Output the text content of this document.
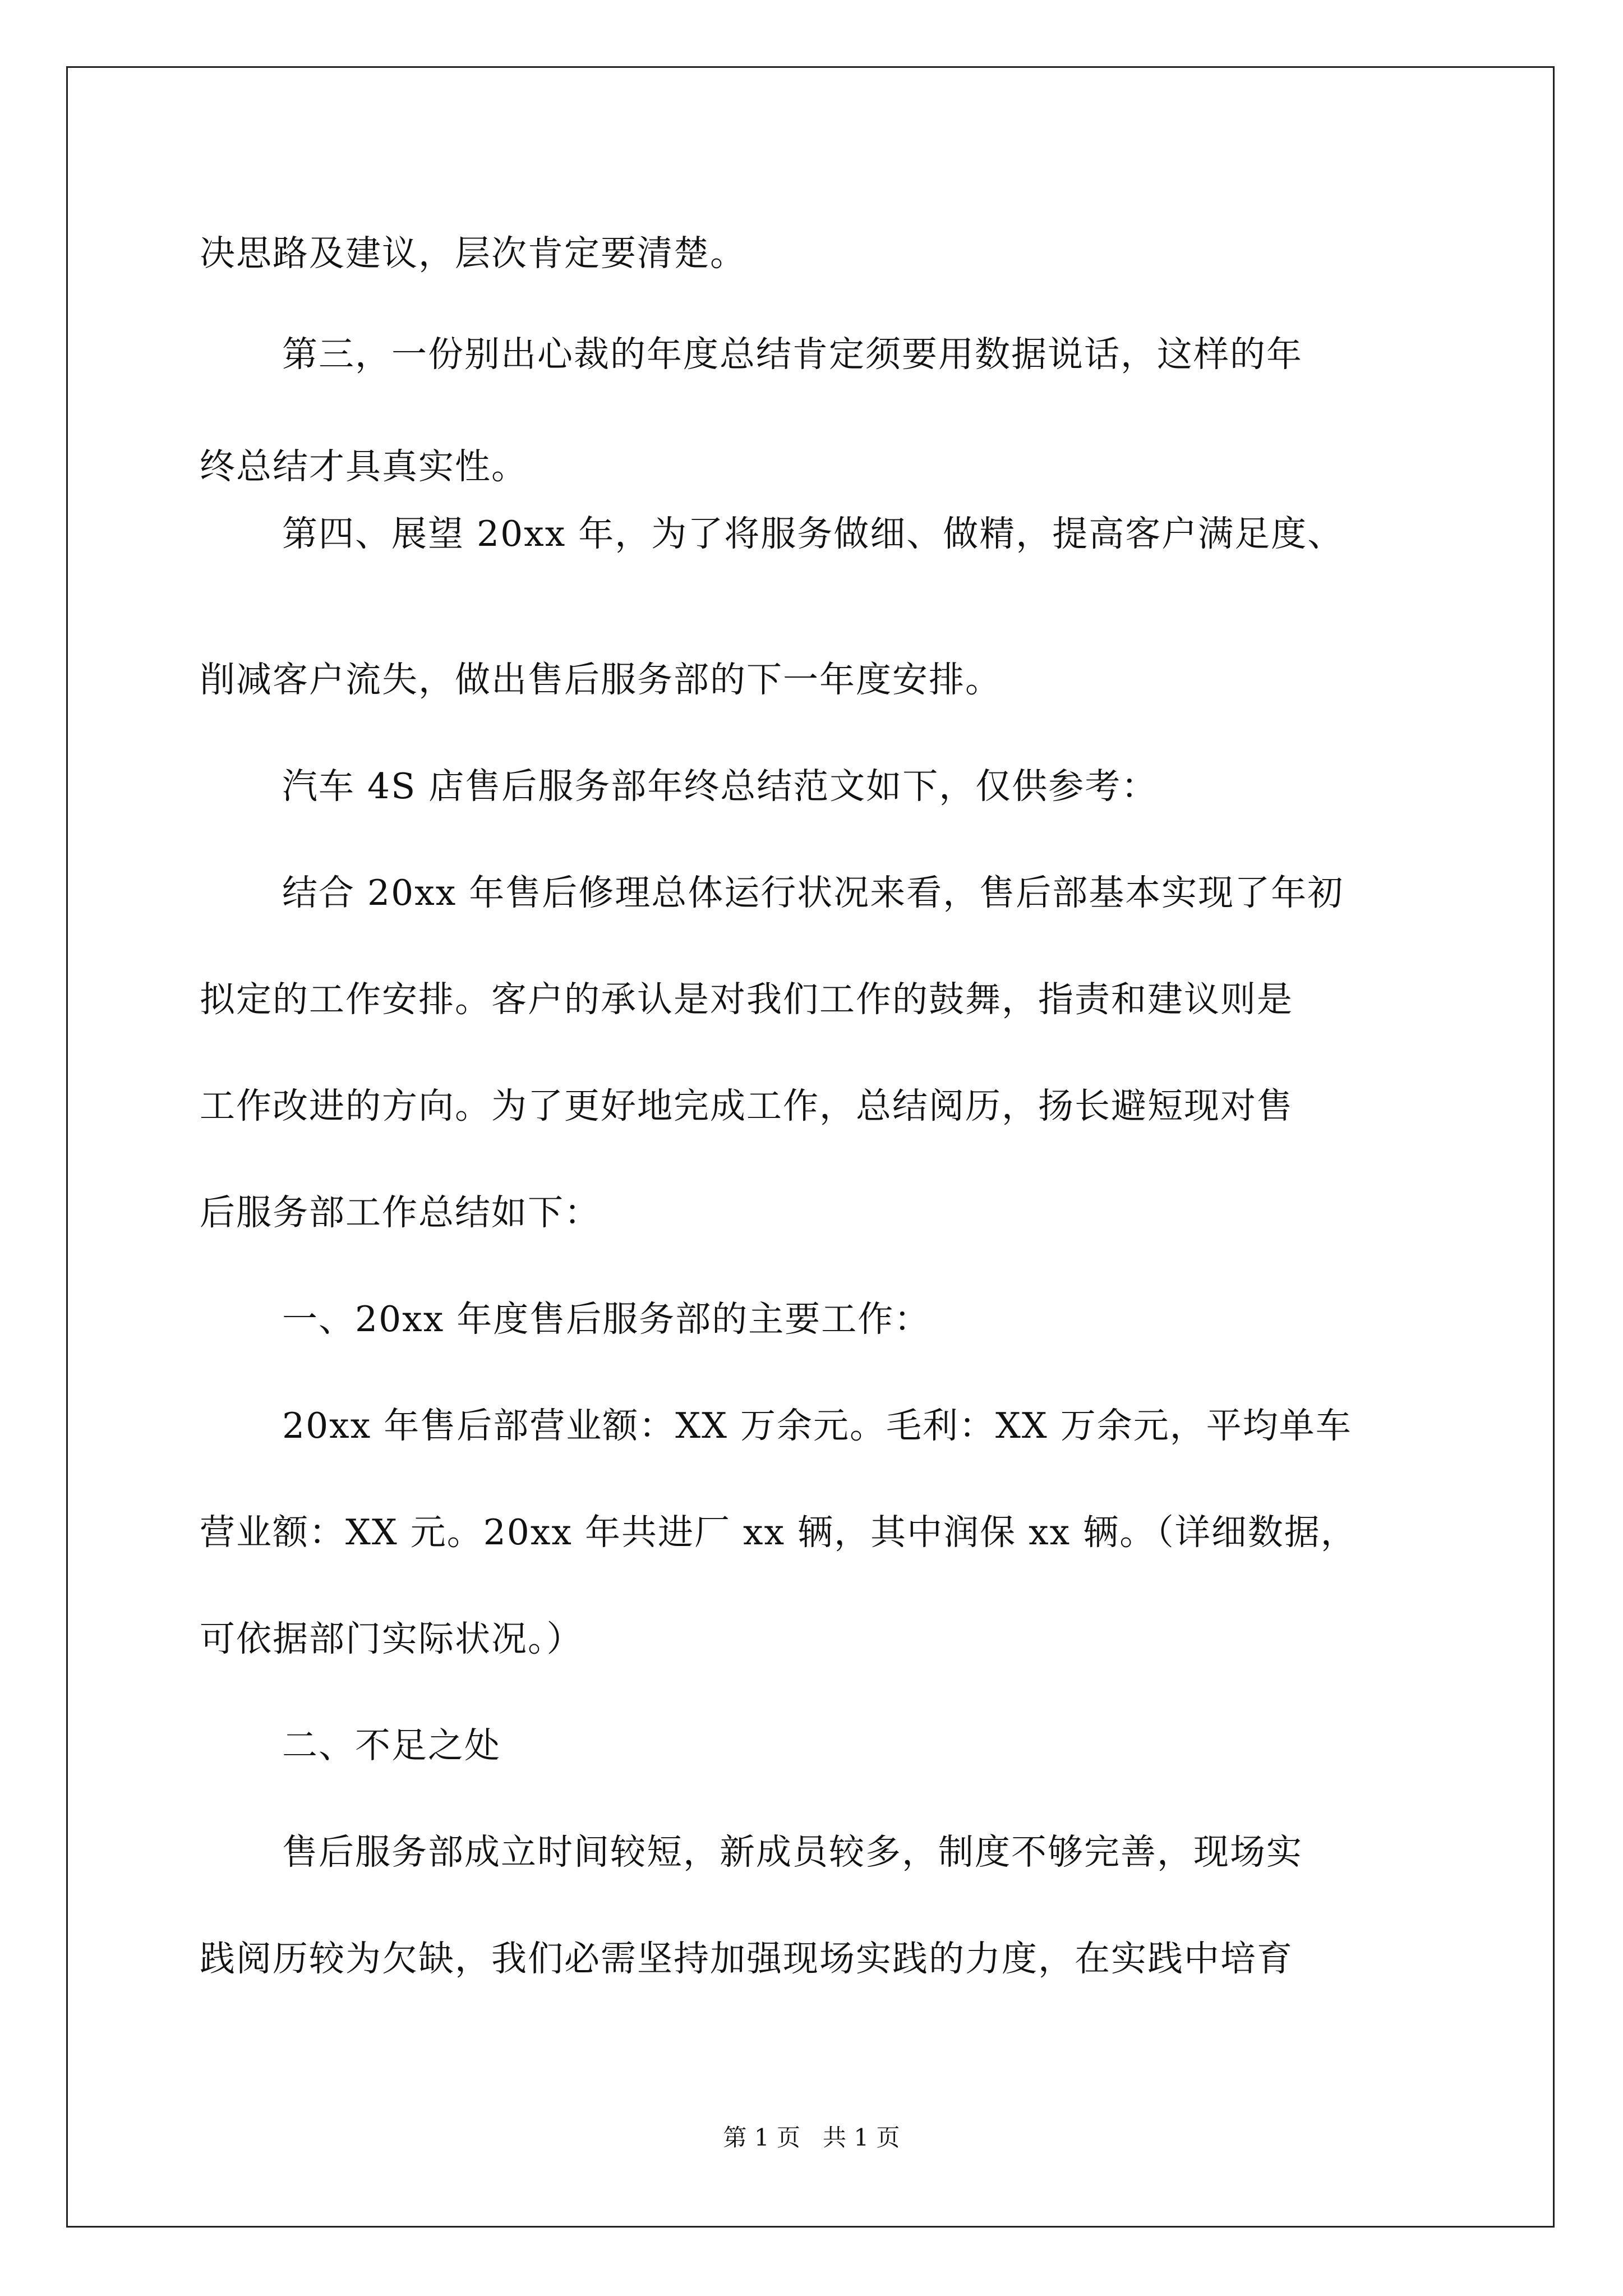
决思路及建议，层次肯定要清楚。
第三，一份别出心裁的年度总结肯定须要用数据说话，这样的年
终总结才具真实性。
第四、展望 20xx 年，为了将服务做细、做精，提高客户满足度、
削减客户流失，做出售后服务部的下一年度安排。
汽车 4S 店售后服务部年终总结范文如下，仅供参考：
结合 20xx 年售后修理总体运行状况来看，售后部基本实现了年初
拟定的工作安排。客户的承认是对我们工作的鼓舞，指责和建议则是
工作改进的方向。为了更好地完成工作，总结阅历，扬长避短现对售
后服务部工作总结如下：
一、20xx 年度售后服务部的主要工作：
20xx 年售后部营业额：XX 万余元。毛利：XX 万余元，平均单车
营业额：XX 元。20xx 年共进厂 xx 辆，其中润保 xx 辆。（详细数据，
可依据部门实际状况。）
二、不足之处
售后服务部成立时间较短，新成员较多，制度不够完善，现场实
践阅历较为欠缺，我们必需坚持加强现场实践的力度，在实践中培育
第 1 页   共 1 页
